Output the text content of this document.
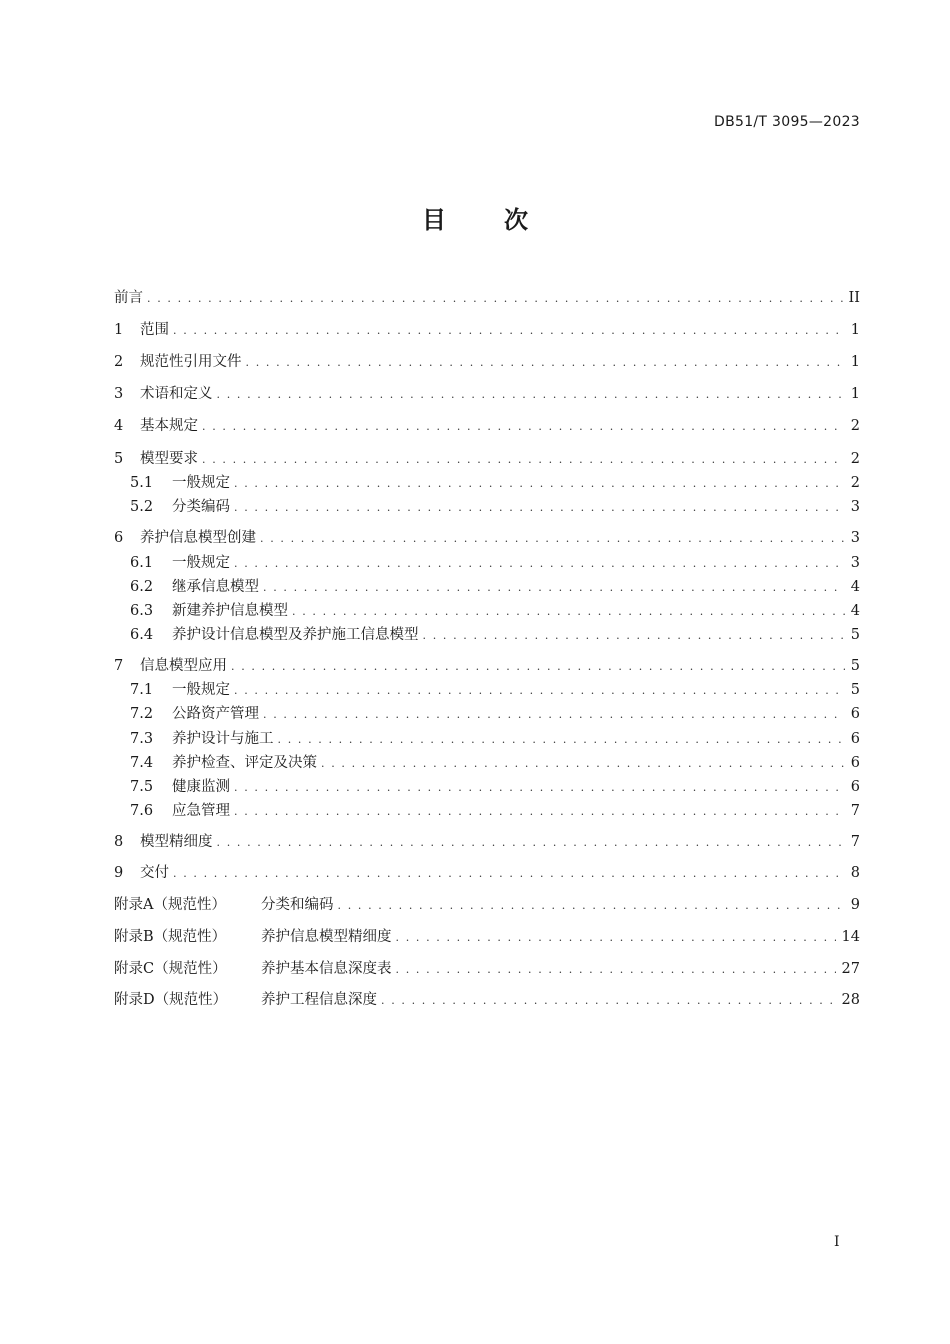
DB51/T 3095—2023
目 次
前言 . . .	II
1	范围 . . .	1
2	规范性引用文件 . . .	1
3	术语和定义 . . .	1
4	基本规定 . . .	2
5	模型要求 . . .	2
5.1	一般规定 . . .	2
5.2	分类编码 . . .	3
6	养护信息模型创建 . . .	3
6.1	一般规定 . . .	3
6.2	继承信息模型 . . .	4
6.3	新建养护信息模型 . . .	4
6.4	养护设计信息模型及养护施工信息模型 . . .	5
7	信息模型应用 . . .	5
7.1	一般规定 . . .	5
7.2	公路资产管理 . . .	6
7.3	养护设计与施工 . . .	6
7.4	养护检查、评定及决策 . . .	6
7.5	健康监测 . . .	6
7.6	应急管理 . . .	7
8	模型精细度 . . .	7
9	交付 . . .	8
附录A（规范性）	分类和编码 . . .	9
附录B（规范性）	养护信息模型精细度 . . .	14
附录C（规范性）	养护基本信息深度表 . . .	27
附录D（规范性）	养护工程信息深度 . . .	28
I
